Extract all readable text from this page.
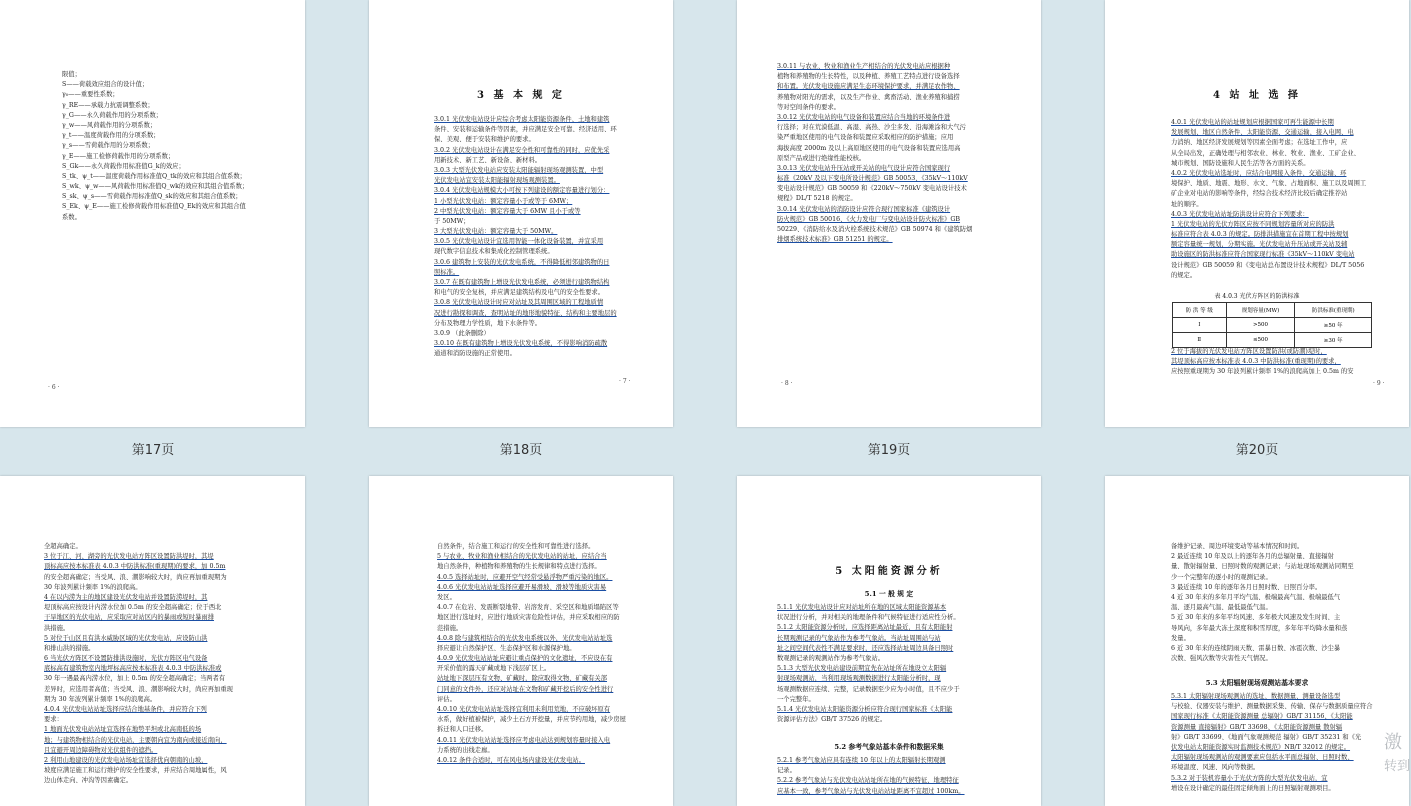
限值；
S——荷载效应组合的设计值；
γ₀——重要性系数；
γ_RE——承载力抗震调整系数；
γ_G——永久荷载作用的分项系数；
γ_w——风荷载作用的分项系数；
γ_t——温度荷载作用的分项系数；
γ_s——雪荷载作用的分项系数；
γ_E——施工检修荷载作用的分项系数；
S_Gk——永久荷载作用标准值G_k的效应；
S_tk、ψ_t——温度荷载作用标准值Q_tk的效应和其组合值系数；
S_wk、ψ_w——风荷载作用标准值Q_wk的效应和其组合值系数；
S_sk、ψ_s——雪荷载作用标准值Q_sk的效应和其组合值系数；
S_Ek、ψ_E——施工检修荷载作用标准值Q_Ek的效应和其组合值
系数。
· 6 ·
第17页
3 基 本 规 定
3.0.1 光伏发电站设计应综合考虑太阳能资源条件、土地和建筑
条件、安装和运输条件等因素，并应满足安全可靠、经济适用、环
保、美观、便于安装和维护的要求。
3.0.2 光伏发电站设计在满足安全性和可靠性的同时，应优先采
用新技术、新工艺、新设备、新材料。
3.0.3 大型光伏发电站应安装太阳能辐射现场观测装置，中型
光伏发电站宜安装太阳能辐射现场观测装置。
3.0.4 光伏发电站规模大小可按下列建设的额定容量进行划分：
1 小型光伏发电站：额定容量小于或等于 6MW；
2 中型光伏发电站：额定容量大于 6MW 且小于或等
于 50MW；
3 大型光伏发电站：额定容量大于 50MW。
3.0.5 光伏发电站设计宜选用智能一体化设备装置，并宜采用
现代数字信息技术和集成化控制管理系统。
3.0.6 建筑物上安装的光伏发电系统，不得降低相邻建筑物的日
照标准。
3.0.7 在既有建筑物上增设光伏发电系统，必须进行建筑物结构
和电气的安全复核，并应满足建筑结构及电气的安全性要求。
3.0.8 光伏发电站设计时应对站址及其周围区域的工程地质情
况进行勘探和调查，查明站址的地形地貌特征、结构和主要地层的
分布及物理力学性质，地下水条件等。
3.0.9 （此条删除）
3.0.10 在既有建筑物上增设光伏发电系统，不得影响消防疏散
通道和消防设施的正常使用。
· 7 ·
第18页
3.0.11 与农业、牧业和渔业生产相结合的光伏发电站应根据种
植物和养殖物的生长特性，以及种植、养殖工艺特点进行设备选择
和布置。光伏发电设施应满足生态环境保护要求，并满足农作物、
养殖物对阳光的需求，以及生产作业、禽畜活动、渔业养殖和捕捞
等对空间条件的要求。
3.0.12 光伏发电站的电气设备和装置应结合当地的环境条件进
行选择；对在荒漠低温、高湿、高热、沙尘多发、沿海滩涂和大气污
染严重地区使用的电气设备和装置应采取相应的防护措施；应用
海拔高度 2000m 及以上高原地区使用的电气设备和装置应选用高
原型产品或进行绝缘性能校核。
3.0.13 光伏发电站升压站或开关站的电气设计应符合国家现行
标准《20kV 及以下变电所设计规范》GB 50053、《35kV～110kV
变电站设计规范》GB 50059 和《220kV～750kV 变电站设计技术
规程》DL/T 5218 的规定。
3.0.14 光伏发电站的消防设计应符合现行国家标准《建筑设计
防火规范》GB 50016、《火力发电厂与变电站设计防火标准》GB
50229、《消防给水及消火栓系统技术规范》GB 50974 和《建筑防烟
排烟系统技术标准》GB 51251 的规定。
· 8 ·
第19页
4 站 址 选 择
4.0.1 光伏发电站的站址规划应根据国家可再生能源中长期
发展规划、地区自然条件、太阳能资源、交通运输、接入电网、电
力消纳、地区经济发展规划等因素全面考虑；在选址工作中，应
从全局出发，正确处理与相邻农业、林业、牧业、渔业、工矿企业、
城市规划、国防设施和人民生活等各方面的关系。
4.0.2 光伏发电站选址时，应结合电网接入条件、交通运输、环
境保护、地质、地震、地形、水文、气象、占地面积、施工以及周围工
矿企业对电站的影响等条件，经综合技术经济比较后确定推荐站
址的顺序。
4.0.3 光伏发电站站址防洪设计应符合下列要求：
1 光伏发电站的光伏方阵区应按不同规划容量所对应的防洪
标准应符合表 4.0.3 的规定。防排洪措施宜在首期工程中按规划
额定容量统一规划，分期实施。光伏发电站升压站或开关站及辅
助设施区的防洪标准应符合国家现行标准《35kV～110kV 变电站
设计规范》GB 50059 和《变电站总布置设计技术规程》DL/T 5056
的规定。
表 4.0.3 光伏方阵区的防洪标准
防 洪 等 级	规划容量(MW)	防洪标准(重现期)
Ⅰ	>500	≥50 年
Ⅱ	≤500	≥30 年
2 位于海拔的光伏发电站方阵区设置防洪(或防潮)堤时，
其堤顶标高应按本标准表 4.0.3 中防洪标准(重现期)的要求，
应按照重现期为 30 年波列累计频率 1%的浪爬高加上 0.5m 的安
· 9 ·
第20页
全超高确定。
3 位于江、河、湖旁的光伏发电站方阵区设置防洪堤时，其堤
顶标高应按本标准表 4.0.3 中防洪标准(重现期)的要求，加 0.5m
的安全超高确定；当受风、浪、潮影响较大时，尚应再加重现期为
30 年波列累计频率 1%的浪爬高。
4 在以内涝为主的地区建设光伏发电站并设置防涝堤时，其
堤顶标高应按设计内涝水位加 0.5m 的安全超高确定；位于西北
干旱地区的光伏电站，应采取应对站区内的暴雨或短时暴雨排
洪措施。
5 对位于山区且有洪水威胁区域的光伏发电站，应设防山洪
和排山洪的措施。
6 当光伏方阵区不设置防排洪设施时，光伏方阵区电气设备
底标高有建筑物室内地坪标高应按本标准表 4.0.3 中防洪标准或
30 年一遇最高内涝水位，加上 0.5m 的安全超高确定；当两者有
差异时，应选用者高值；当受风、浪、潮影响较大时，尚应再加重现
期为 30 年波列累计频率 1%的浪爬高。
4.0.4 光伏发电站站址选择应结合地基条件，并应符合下列
要求：
1 地面光伏发电站站址宜选择在地势平坦或北高南低的场
地；与建筑物相结合的光伏电站，主要朝向宜为南向或接近南向，
且宜避开周边障碍物对光伏组件的遮挡。
2 利用山地建设的光伏发电站场址宜选择优向朝南的山坡，
坡度应满足施工和运行维护的安全性要求，并应结合周地属性，风
边山体走向、冲沟等因素确定。
自然条件，结合施工和运行的安全性和可靠性进行选择。
5 与农业、牧业和渔业相结合的光伏发电站的站址，应结合当
地自然条件，种植物和养殖物的生长规律和特点进行选择。
4.0.5 选择站址时，应避开空气经常受悬浮物严重污染的地区。
4.0.6 光伏发电站站址选择应避开易滑坡、滑坡等地质灾害易
发区。
4.0.7 在危岩、发震断裂地带、岩溶发育、采空区和地质塌陷区等
地区进行选址时，应进行地质灾害危险性评估，并应采取相应的防
范措施。
4.0.8 除与建筑相结合的光伏发电系统以外，光伏发电站站址选
择应避让自然保护区、生态保护区和水源保护地。
4.0.9 光伏发电站站址应避让重点保护的文化遗址，不应设在有
开采价值的露天矿藏或地下浅层矿区上。
站址地下深层压有文物、矿藏时，除应取得文物、矿藏有关部
门同意的文件外，还应对站址在文物和矿藏开挖后的安全性进行
评估。
4.0.10 光伏发电站站址选择宜利用未利用荒地，不应破坏原有
水系，做好植被保护，减少土石方开挖量，并应节约用地，减少房屋
拆迁和人口迁移。
4.0.11 光伏发电站站址选择应考虑电站达到规划容量时接入电
力系统的出线走廊。
4.0.12 条件合适时，可在风电场内建设光伏发电站。
5 太阳能资源分析
5.1 一 般 规 定
5.1.1 光伏发电站设计应对站址所在地的区域太阳能资源基本
状况进行分析，并对相关的地理条件和气候特征进行适应性分析。
5.1.2 太阳能资源分析时，应选择距离站址最近，且有太阳能射
长期观测记录的气象站作为参考气象站。当站址周围站与站
址之间空间代表性不满足要求时，还应选择站址周边具备日照时
数观测记录的观测站作为参考气象站。
5.1.3 大型光伏发电站建设前期宜先在站址所在地设立太阳辐
射现场观测站，当利用现场观测数据进行太阳能分析时，现
场观测数据应连续、完整，记录数据至少应为小时值，且不应少于
一个完整年。
5.1.4 光伏发电站太阳能资源分析应符合现行国家标准《太阳能
资源评估方法》GB/T 37526 的规定。
5.2 参考气象站基本条件和数据采集
5.2.1 参考气象站应具有连续 10 年以上的太阳辐射长期观测
记录。
5.2.2 参考气象站与光伏发电站站址所在地的气候特征、地理特征
应基本一致，参考气象站与光伏发电站站址距离不宜超过 100km。
备维护记录、周边环境变动等基本情况和时间。
2 最近连续 10 年及以上的逐年各月的总辐射量、直接辐射
量、散射辐射量、日照时数的观测记录；与站址现场观测站同期至
少一个完整年的逐小时的观测记录。
3 最近连续 10 年的逐年各月日照时数、日照百分率。
4 近 30 年来的多年月平均气温、极端最高气温、极端最低气
温、逐月最高气温、最低最低气温。
5 近 30 年来的多年平均风速、多年极大风速及发生时间、主
导风向，多年最大冻土深度和积雪厚度，多年年平均降水量和蒸
发量。
6 近 30 年来的连续阴雨天数、雷暴日数、冰雹次数、沙尘暴
次数、强风次数等灾害性天气情况。
5.3 太阳辐射现场观测站基本要求
5.3.1 太阳辐射现场观测站的选址、数据测量、测量设备选型
与校验、仪器安装与维护、测量数据采集、传输、保存与数据质量应符合
国家现行标准《太阳能资源测量 总辐射》GB/T 31156、《太阳能
资源测量 直接辐射》GB/T 33698、《太阳能资源测量 散射辐
射》GB/T 33699、《地面气象观测规范 辐射》GB/T 35231 和《光
伏发电站太阳能资源实时监测技术规范》NB/T 32012 的规定。
太阳辐射现场观测站的观测要素应包括水平面总辐射、日照时数、
环境温度、风速、风向等数据。
5.3.2 对于装机容量小于光伏方阵的大型光伏发电站，宜
增设在设计确定的最佳固定倾角面上的日照辐射观测项目。
激
转到
